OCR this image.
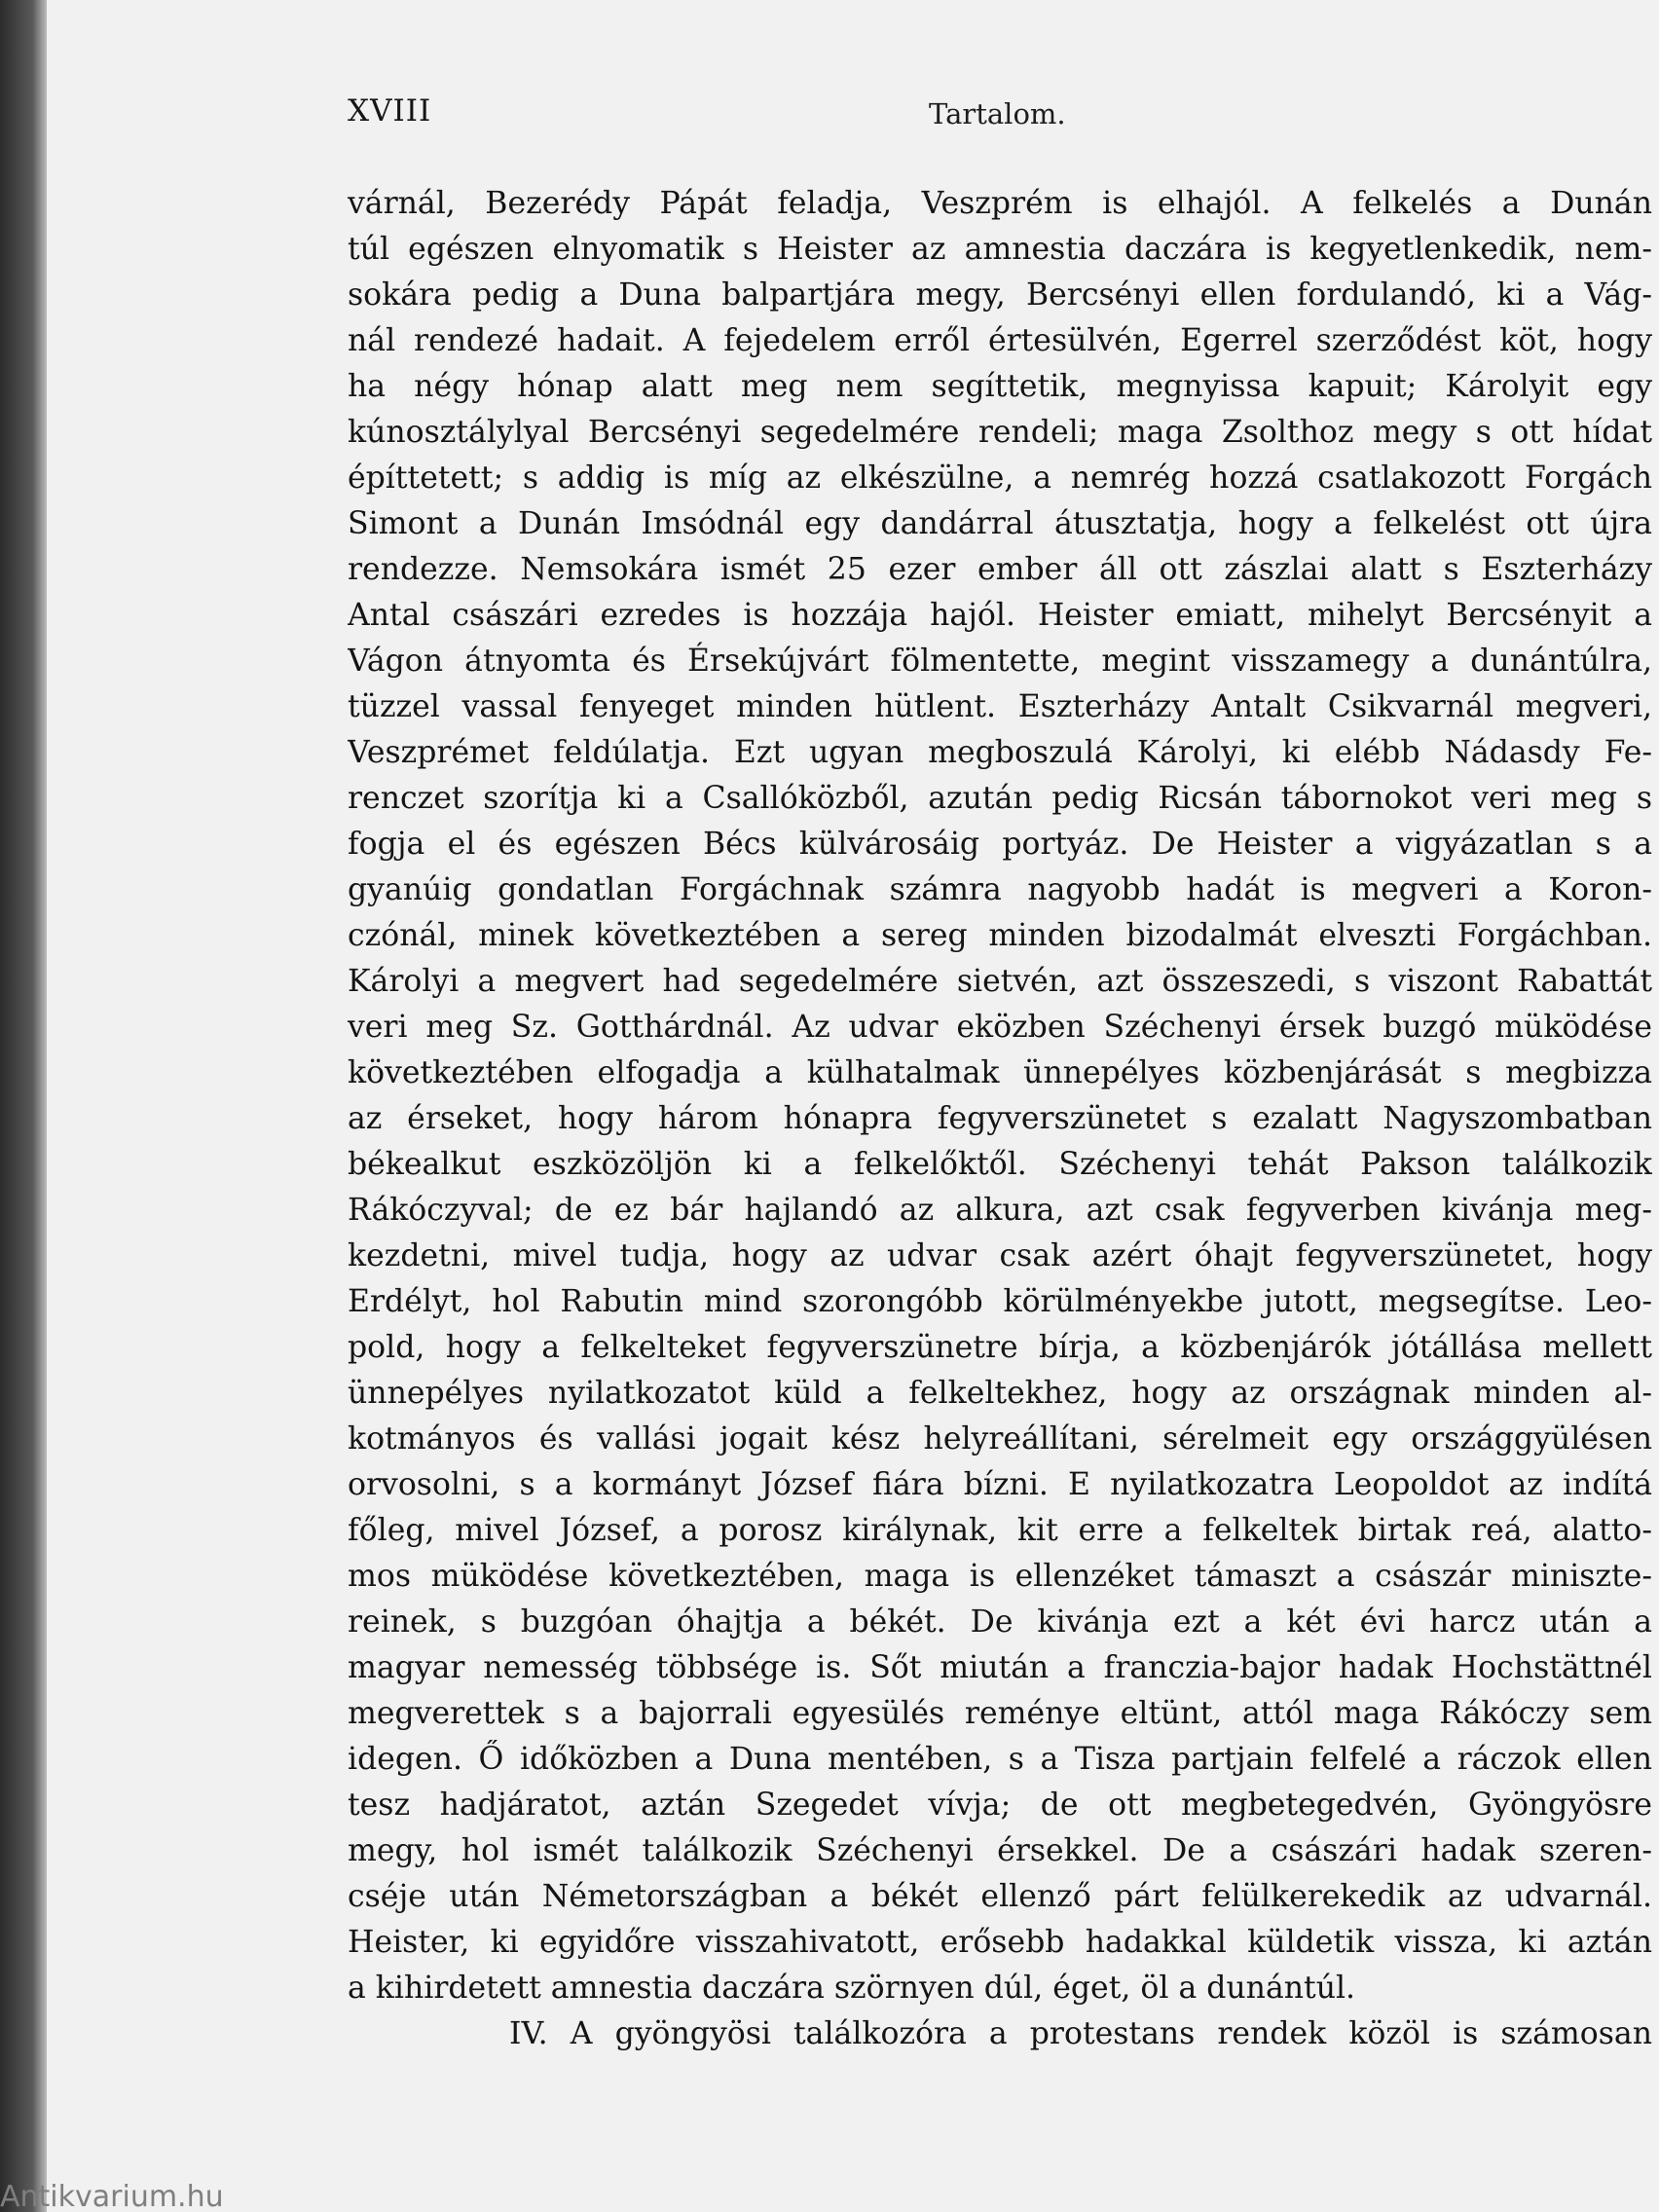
XVIII	Tartalom.
várnál, Bezerédy Pápát feladja, Veszprém is elhajól. A felkelés a Dunán
túl egészen elnyomatik s Heister az amnestia daczára is kegyetlenkedik, nem-
sokára pedig a Duna balpartjára megy, Bercsényi ellen fordulandó, ki a Vág-
nál rendezé hadait. A fejedelem erről értesülvén, Egerrel szerződést köt, hogy
ha négy hónap alatt meg nem segíttetik, megnyissa kapuit; Károlyit egy
kúnosztálylyal Bercsényi segedelmére rendeli; maga Zsolthoz megy s ott hídat
építtetett; s addig is míg az elkészülne, a nemrég hozzá csatlakozott Forgách
Simont a Dunán Imsódnál egy dandárral átusztatja, hogy a felkelést ott újra
rendezze. Nemsokára ismét 25 ezer ember áll ott zászlai alatt s Eszterházy
Antal császári ezredes is hozzája hajól. Heister emiatt, mihelyt Bercsényit a
Vágon átnyomta és Érsekújvárt fölmentette, megint visszamegy a dunántúlra,
tüzzel vassal fenyeget minden hütlent. Eszterházy Antalt Csikvarnál megveri,
Veszprémet feldúlatja. Ezt ugyan megboszulá Károlyi, ki elébb Nádasdy Fe-
renczet szorítja ki a Csallóközből, azután pedig Ricsán tábornokot veri meg s
fogja el és egészen Bécs külvárosáig portyáz. De Heister a vigyázatlan s a
gyanúig gondatlan Forgáchnak számra nagyobb hadát is megveri a Koron-
czónál, minek következtében a sereg minden bizodalmát elveszti Forgáchban.
Károlyi a megvert had segedelmére sietvén, azt összeszedi, s viszont Rabattát
veri meg Sz. Gotthárdnál. Az udvar eközben Széchenyi érsek buzgó müködése
következtében elfogadja a külhatalmak ünnepélyes közbenjárását s megbizza
az érseket, hogy három hónapra fegyverszünetet s ezalatt Nagyszombatban
békealkut eszközöljön ki a felkelőktől. Széchenyi tehát Pakson találkozik
Rákóczyval; de ez bár hajlandó az alkura, azt csak fegyverben kivánja meg-
kezdetni, mivel tudja, hogy az udvar csak azért óhajt fegyverszünetet, hogy
Erdélyt, hol Rabutin mind szorongóbb körülményekbe jutott, megsegítse. Leo-
pold, hogy a felkelteket fegyverszünetre bírja, a közbenjárók jótállása mellett
ünnepélyes nyilatkozatot küld a felkeltekhez, hogy az országnak minden al-
kotmányos és vallási jogait kész helyreállítani, sérelmeit egy országgyülésen
orvosolni, s a kormányt József fiára bízni. E nyilatkozatra Leopoldot az indítá
főleg, mivel József, a porosz királynak, kit erre a felkeltek birtak reá, alatto-
mos müködése következtében, maga is ellenzéket támaszt a császár miniszte-
reinek, s buzgóan óhajtja a békét. De kivánja ezt a két évi harcz után a
magyar nemesség többsége is. Sőt miután a franczia-bajor hadak Hochstättnél
megverettek s a bajorrali egyesülés reménye eltünt, attól maga Rákóczy sem
idegen. Ő időközben a Duna mentében, s a Tisza partjain felfelé a ráczok ellen
tesz hadjáratot, aztán Szegedet vívja; de ott megbetegedvén, Gyöngyösre
megy, hol ismét találkozik Széchenyi érsekkel. De a császári hadak szeren-
cséje után Németországban a békét ellenző párt felülkerekedik az udvarnál.
Heister, ki egyidőre visszahivatott, erősebb hadakkal küldetik vissza, ki aztán
a kihirdetett amnestia daczára szörnyen dúl, éget, öl a dunántúl.
IV. A gyöngyösi találkozóra a protestans rendek közöl is számosan
Antikvarium.hu
